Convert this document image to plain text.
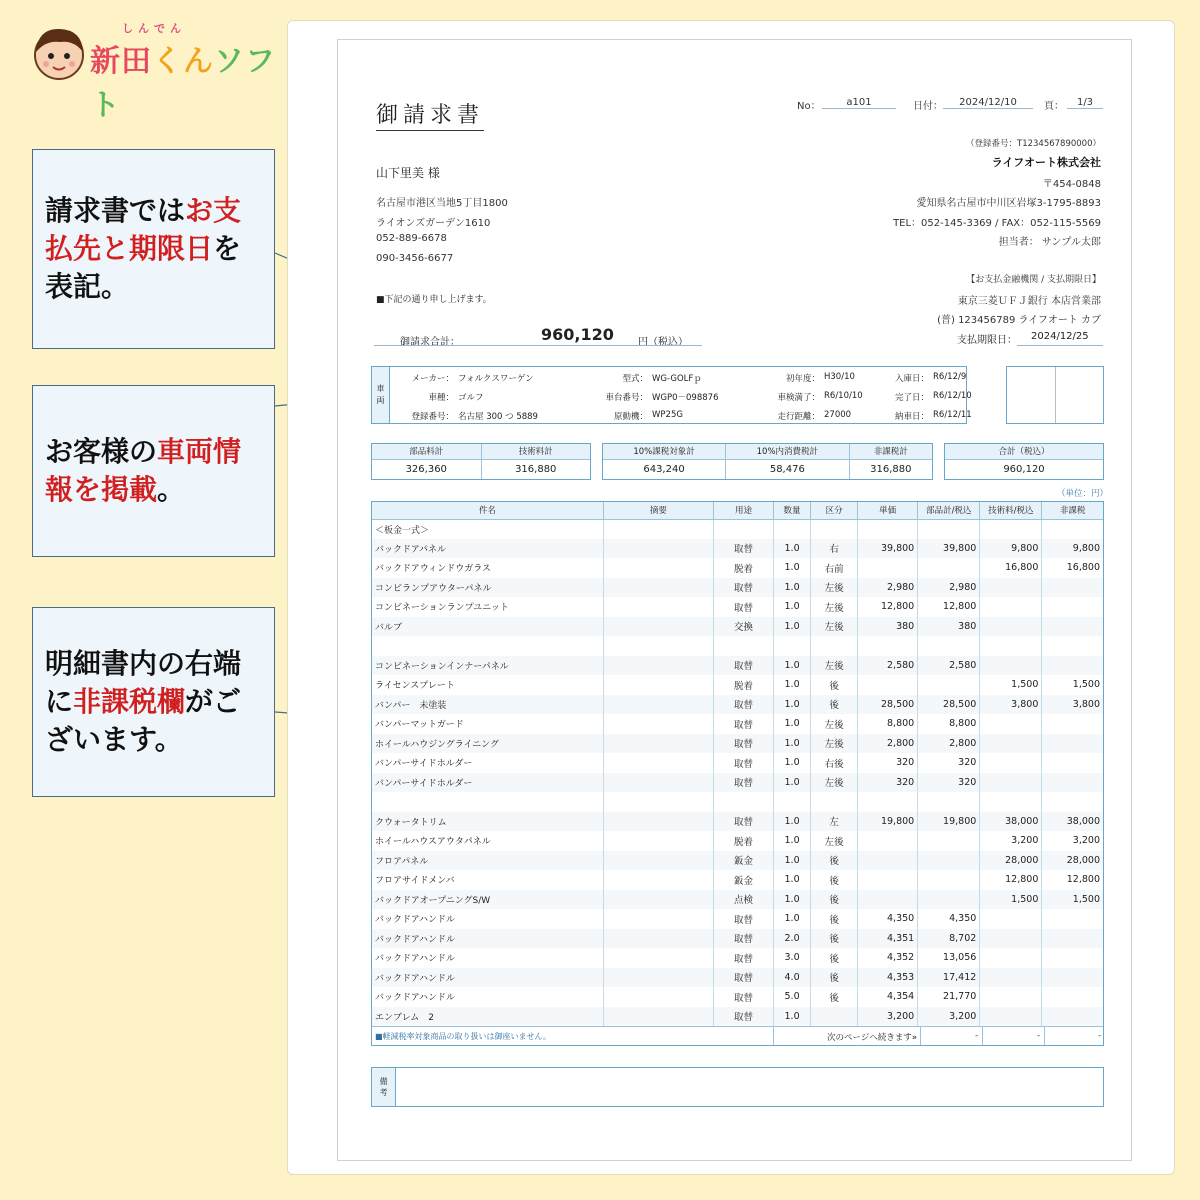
しんでん
新田くんソフト
請求書ではお支
払先と期限日を
表記。
お客様の車両情
報を掲載。
明細書内の右端
に非課税欄がご
ざいます。
御請求書	No：	a101	日付：	2024/12/10	頁：	1/3
山下里美 様
名古屋市港区当地5丁目1800
ライオンズガーデン1610
052-889-6678
090-3456-6677
■下記の通り申し上げます。
（登録番号：T1234567890000）
ライフオート株式会社
〒454-0848
愛知県名古屋市中川区岩塚3-1795-8893
TEL：052-145-3369 / FAX：052-115-5569
担当者： サンプル太郎
【お支払金融機関 / 支払期限日】
東京三菱ＵＦＪ銀行 本店営業部
(普) 123456789 ライフオート カブ
支払期限日： 2024/12/25
御請求合計：	960,120 円（税込）
車
両
メーカー： フォルクスワーゲン	型式： WG-GOLFｐ	初年度： H30/10	入庫日： R6/12/9
車種： ゴルフ	車台番号： WGP0－098876	車検満了： R6/10/10	完了日： R6/12/10
登録番号： 名古屋 300 つ 5889	原動機： WP25G	走行距離： 27000	納車日： R6/12/11
部品料計	技術料計
326,360	316,880
10%課税対象計	10%内消費税計	非課税計
643,240	58,476	316,880
合計（税込）
960,120
（単位：円）
件名	摘要	用途	数量	区分	単価	部品計/税込	技術料/税込	非課税
＜板金一式＞								
バックドアパネル		取替	1.0	右	39,800	39,800	9,800	9,800
バックドアウィンドウガラス		脱着	1.0	右前			16,800	16,800
コンビランプアウターパネル		取替	1.0	左後	2,980	2,980		
コンビネーションランプユニット		取替	1.0	左後	12,800	12,800		
バルブ		交換	1.0	左後	380	380		

コンビネーションインナーパネル		取替	1.0	左後	2,580	2,580		
ライセンスプレート		脱着	1.0	後			1,500	1,500
バンパー　未塗装		取替	1.0	後	28,500	28,500	3,800	3,800
バンパーマットガード		取替	1.0	左後	8,800	8,800		
ホイールハウジングライニング		取替	1.0	左後	2,800	2,800		
バンパーサイドホルダー		取替	1.0	右後	320	320		
バンパーサイドホルダー		取替	1.0	左後	320	320		

クウォータトリム		取替	1.0	左	19,800	19,800	38,000	38,000
ホイールハウスアウタパネル		脱着	1.0	左後			3,200	3,200
フロアパネル		鈑金	1.0	後			28,000	28,000
フロアサイドメンバ		鈑金	1.0	後			12,800	12,800
バックドアオープニングS/W		点検	1.0	後			1,500	1,500
バックドアハンドル		取替	1.0	後	4,350	4,350		
バックドアハンドル		取替	2.0	後	4,351	8,702		
バックドアハンドル		取替	3.0	後	4,352	13,056		
バックドアハンドル		取替	4.0	後	4,353	17,412		
バックドアハンドル		取替	5.0	後	4,354	21,770		
エンブレム　2		取替	1.0		3,200	3,200		
■軽減税率対象商品の取り扱いは御座いません。	次のページへ続きます»	-	-	-
備
考
